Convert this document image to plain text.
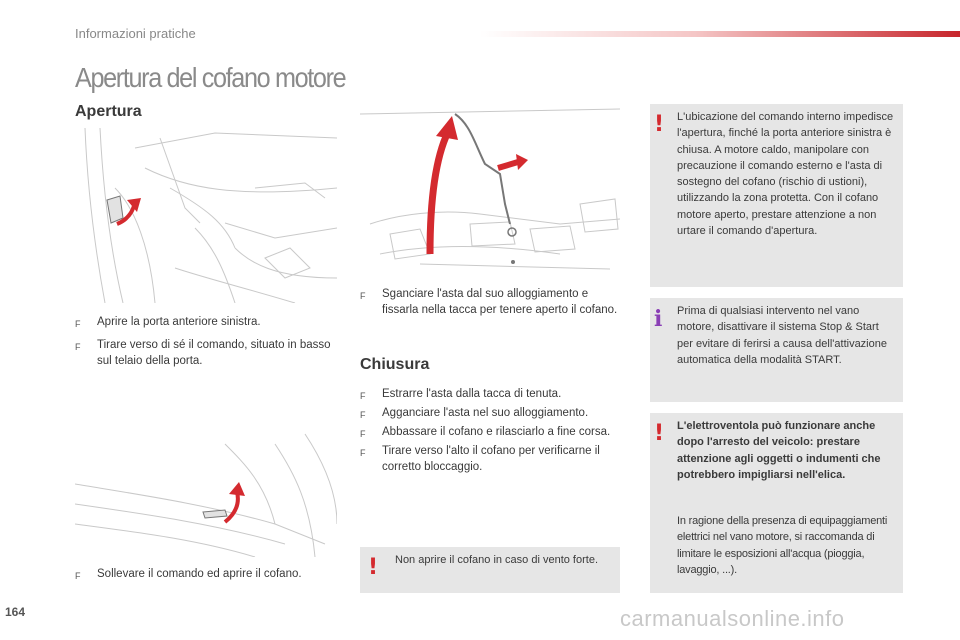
Informazioni pratiche
Apertura del cofano motore
Apertura
F	Aprire la porta anteriore sinistra.
F	Tirare verso di sé il comando, situato in basso sul telaio della porta.
F	Sollevare il comando ed aprire il cofano.
F	Sganciare l'asta dal suo alloggiamento e fissarla nella tacca per tenere aperto il cofano.
Chiusura
F	Estrarre l'asta dalla tacca di tenuta.
F	Agganciare l'asta nel suo alloggiamento.
F	Abbassare il cofano e rilasciarlo a fine corsa.
F	Tirare verso l'alto il cofano per verificarne il corretto bloccaggio.
! Non aprire il cofano in caso di vento forte.
! L'ubicazione del comando interno impedisce l'apertura, finché la porta anteriore sinistra è chiusa. A motore caldo, manipolare con precauzione il comando esterno e l'asta di sostegno del cofano (rischio di ustioni), utilizzando la zona protetta. Con il cofano motore aperto, prestare attenzione a non urtare il comando d'apertura.
i Prima di qualsiasi intervento nel vano motore, disattivare il sistema Stop & Start per evitare di ferirsi a causa dell'attivazione automatica della modalità START.
! L'elettroventola può funzionare anche dopo l'arresto del veicolo: prestare attenzione agli oggetti o indumenti che potrebbero impigliarsi nell'elica.
In ragione della presenza di equipaggiamenti elettrici nel vano motore, si raccomanda di limitare le esposizioni all'acqua (pioggia, lavaggio, ...).
164	carmanualsonline.info
